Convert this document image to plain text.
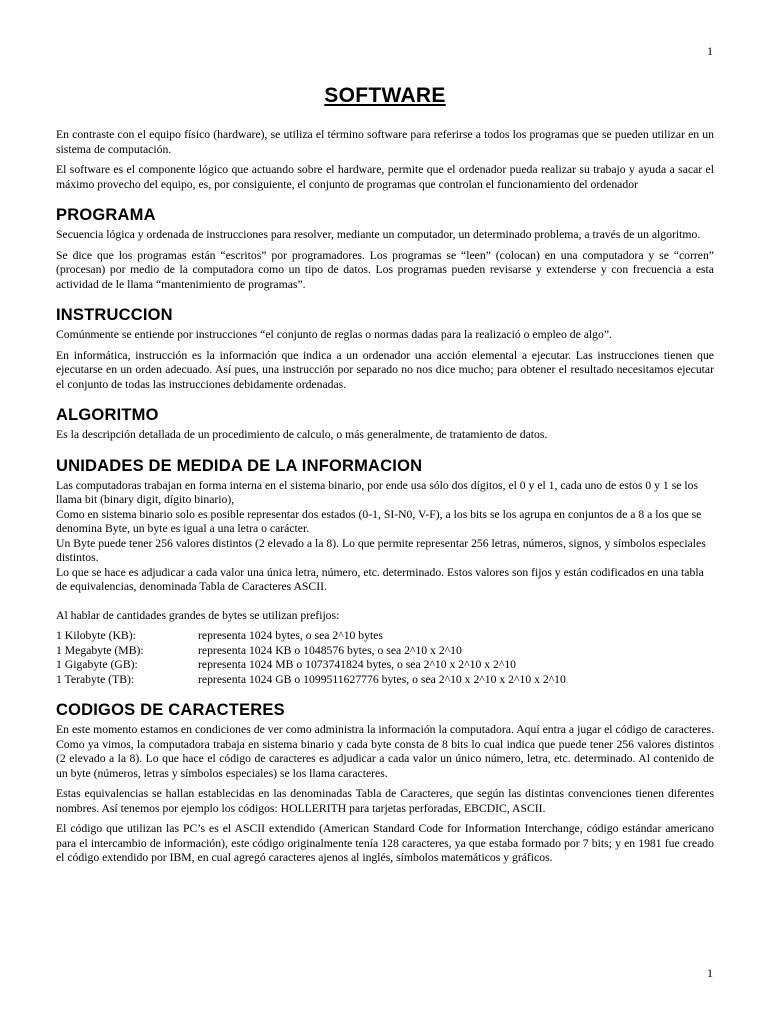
1
SOFTWARE

En contraste con el equipo físico (hardware), se utiliza el término software para referirse a todos los programas que se pueden utilizar en un sistema de computación.

El software es el componente lógico que actuando sobre el hardware, permite que el ordenador pueda realizar su trabajo y ayuda a sacar el máximo provecho del equipo, es, por consiguiente, el conjunto de programas que controlan el funcionamiento del ordenador

PROGRAMA

Secuencia lógica y ordenada de instrucciones para resolver, mediante un computador, un determinado problema, a través de un algoritmo.

Se dice que los programas están “escritos” por programadores. Los programas se “leen” (colocan) en una computadora y se “corren” (procesan) por medio de la computadora como un tipo de datos. Los programas pueden revisarse y extenderse y con frecuencia a esta actividad de le llama “mantenimiento de programas”.

INSTRUCCION

Comúnmente se entiende por instrucciones “el conjunto de reglas o normas dadas para la realizació o empleo de algo”.

En informática, instrucción es la información que indica a un ordenador una acción elemental a ejecutar. Las instrucciones tienen que ejecutarse en un orden adecuado. Así pues, una instrucción por separado no nos dice mucho; para obtener el resultado necesitamos ejecutar el conjunto de todas las instrucciones debidamente ordenadas.

ALGORITMO

Es la descripción detallada de un procedimiento de calculo, o más generalmente, de tratamiento de datos.

UNIDADES DE MEDIDA DE LA INFORMACION

Las computadoras trabajan en forma interna en el sistema binario, por ende usa sólo dos dígitos, el 0 y el 1, cada uno de estos 0 y 1 se los llama bit (binary digit, dígito binario),

Como en sistema binario solo es posible representar dos estados (0-1, SI-N0, V-F), a los bits se los agrupa en conjuntos de a 8 a los que se denomina Byte, un byte es igual a una letra o carácter.

Un Byte puede tener 256 valores distintos (2 elevado a la 8). Lo que permite representar 256 letras, números, signos, y símbolos especiales distintos.

Lo que se hace es adjudicar a cada valor una única letra, número, etc. determinado. Estos valores son fijos y están codificados en una tabla de equivalencias, denominada Tabla de Caracteres ASCII.

Al hablar de cantidades grandes de bytes se utilizan prefijos:

1 Kilobyte (KB):	representa 1024 bytes, o sea 2^10 bytes
1 Megabyte (MB):	representa 1024 KB o 1048576 bytes, o sea 2^10 x 2^10
1 Gigabyte (GB):	representa 1024 MB o 1073741824 bytes, o sea 2^10 x 2^10 x 2^10
1 Terabyte (TB):	representa 1024 GB o 1099511627776 bytes, o sea 2^10 x 2^10 x 2^10 x 2^10
CODIGOS DE CARACTERES

En este momento estamos en condiciones de ver como administra la información la computadora. Aquí entra a jugar el código de caracteres. Como ya vimos, la computadora trabaja en sistema binario y cada byte consta de 8 bits lo cual indica que puede tener 256 valores distintos (2 elevado a la 8). Lo que hace el código de caracteres es adjudicar a cada valor un único número, letra, etc. determinado. Al contenido de un byte (números, letras y símbolos especiales) se los llama caracteres.

Estas equivalencias se hallan establecidas en las denominadas Tabla de Caracteres, que según las distintas convenciones tienen diferentes nombres. Así tenemos por ejemplo los códigos: HOLLERITH para tarjetas perforadas, EBCDIC, ASCII.

El código que utilizan las PC’s es el ASCII extendido (American Standard Code for Information Interchange, código estándar americano para el intercambio de información), este código originalmente tenía 128 caracteres, ya que estaba formado por 7 bits; y en 1981 fue creado el código extendido por IBM, en cual agregó caracteres ajenos al inglés, símbolos matemáticos y gráficos.

1
